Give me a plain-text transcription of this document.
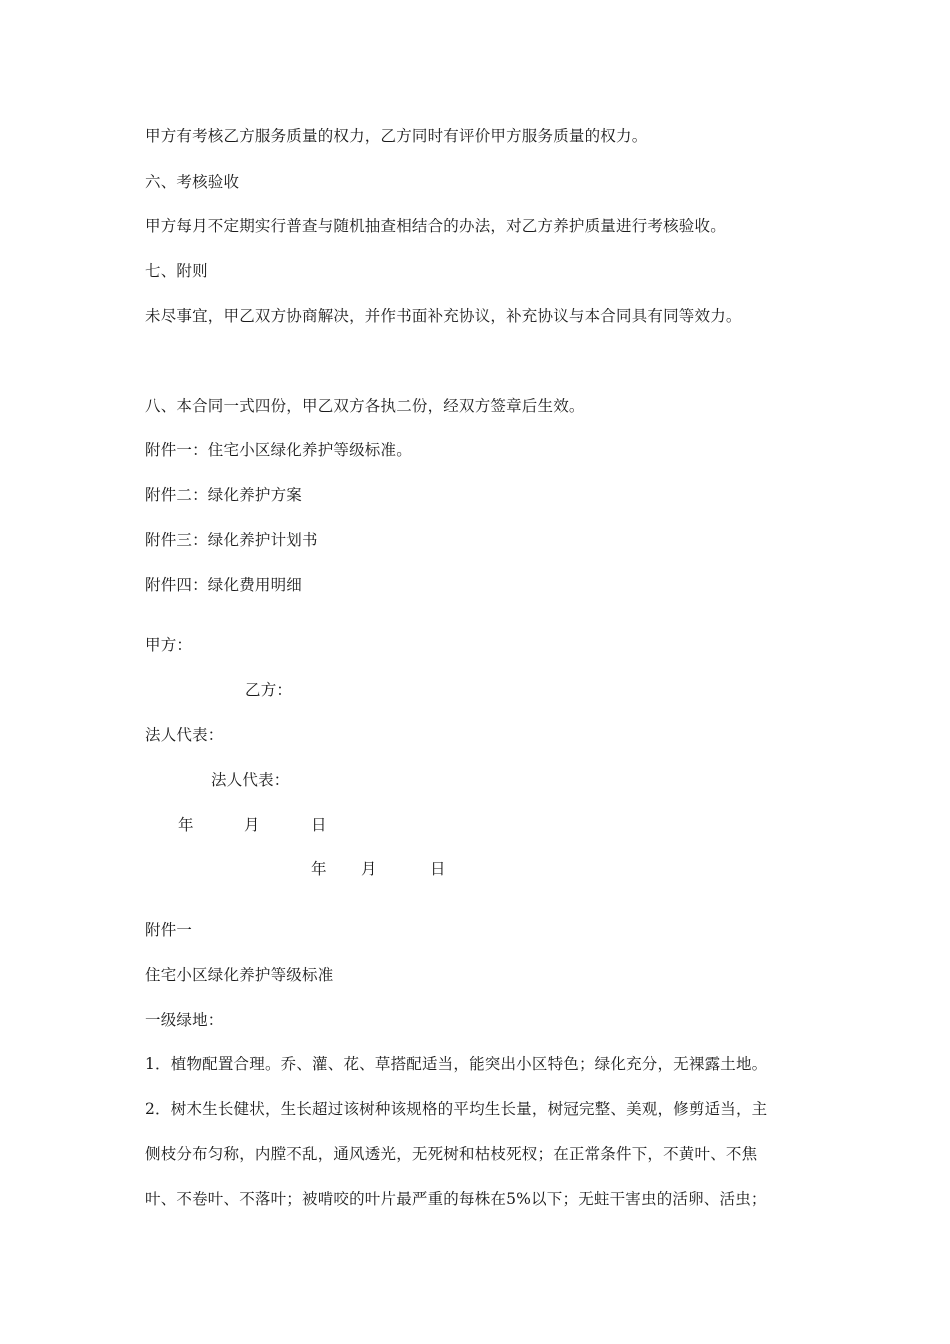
甲方有考核乙方服务质量的权力，乙方同时有评价甲方服务质量的权力。
六、考核验收
甲方每月不定期实行普查与随机抽查相结合的办法，对乙方养护质量进行考核验收。
七、附则
未尽事宜，甲乙双方协商解决，并作书面补充协议，补充协议与本合同具有同等效力。
八、本合同一式四份，甲乙双方各执二份，经双方签章后生效。
附件一：住宅小区绿化养护等级标准。
附件二：绿化养护方案
附件三：绿化养护计划书
附件四：绿化费用明细
甲方：
乙方：
法人代表：
法人代表：
年	月	日
年 月	日
附件一
住宅小区绿化养护等级标准
一级绿地：
1．植物配置合理。乔、灌、花、草搭配适当，能突出小区特色；绿化充分，无裸露土地。
2．树木生长健状，生长超过该树种该规格的平均生长量，树冠完整、美观，修剪适当，主
侧枝分布匀称，内膛不乱，通风透光，无死树和枯枝死杈；在正常条件下，不黄叶、不焦
叶、不卷叶、不落叶；被啃咬的叶片最严重的每株在5%以下；无蛀干害虫的活卵、活虫；
